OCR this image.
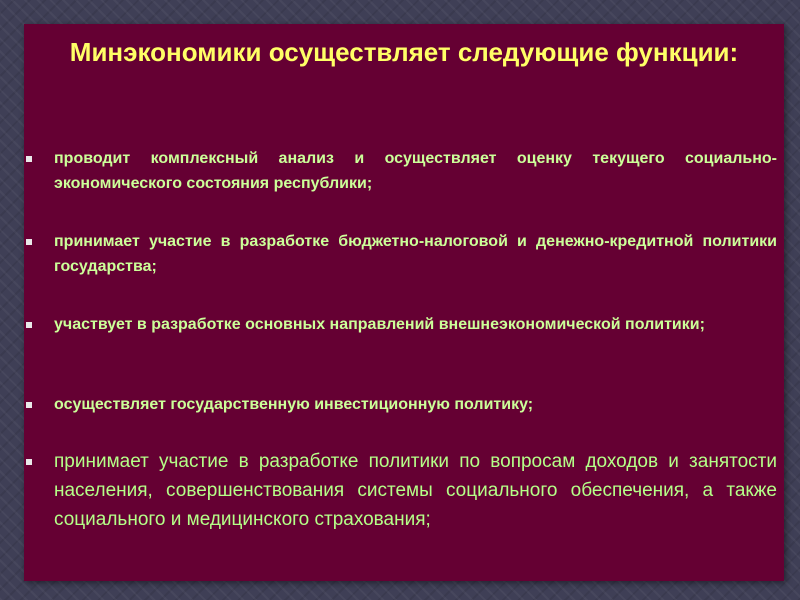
Минэкономики осуществляет следующие функции:
проводит комплексный анализ и осуществляет оценку текущего социально-экономического состояния республики;
принимает участие в разработке бюджетно-налоговой и денежно-кредитной политики государства;
участвует в разработке основных направлений внешнеэкономической политики;
осуществляет государственную инвестиционную политику;
принимает участие в разработке политики по вопросам доходов и занятости населения, совершенствования системы социального обеспечения, а также социального и медицинского страхования;
